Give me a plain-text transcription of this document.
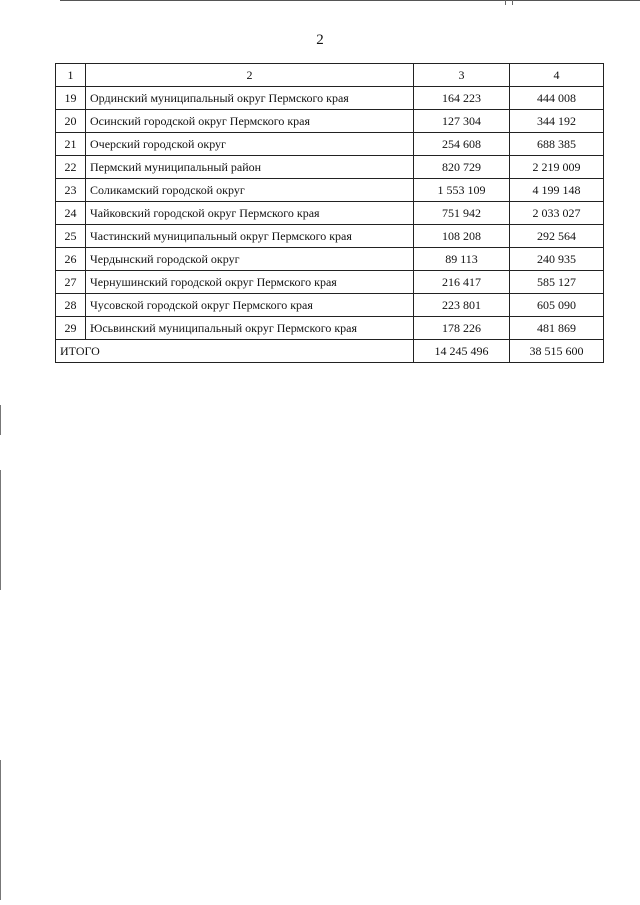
2
1	2	3	4
19	Ординский муниципальный округ Пермского края	164 223	444 008
20	Осинский городской округ Пермского края	127 304	344 192
21	Очерский городской округ	254 608	688 385
22	Пермский муниципальный район	820 729	2 219 009
23	Соликамский городской округ	1 553 109	4 199 148
24	Чайковский городской округ Пермского края	751 942	2 033 027
25	Частинский муниципальный округ Пермского края	108 208	292 564
26	Чердынский городской округ	89 113	240 935
27	Чернушинский городской округ Пермского края	216 417	585 127
28	Чусовской городской округ Пермского края	223 801	605 090
29	Юсьвинский муниципальный округ Пермского края	178 226	481 869
ИТОГО		14 245 496	38 515 600
